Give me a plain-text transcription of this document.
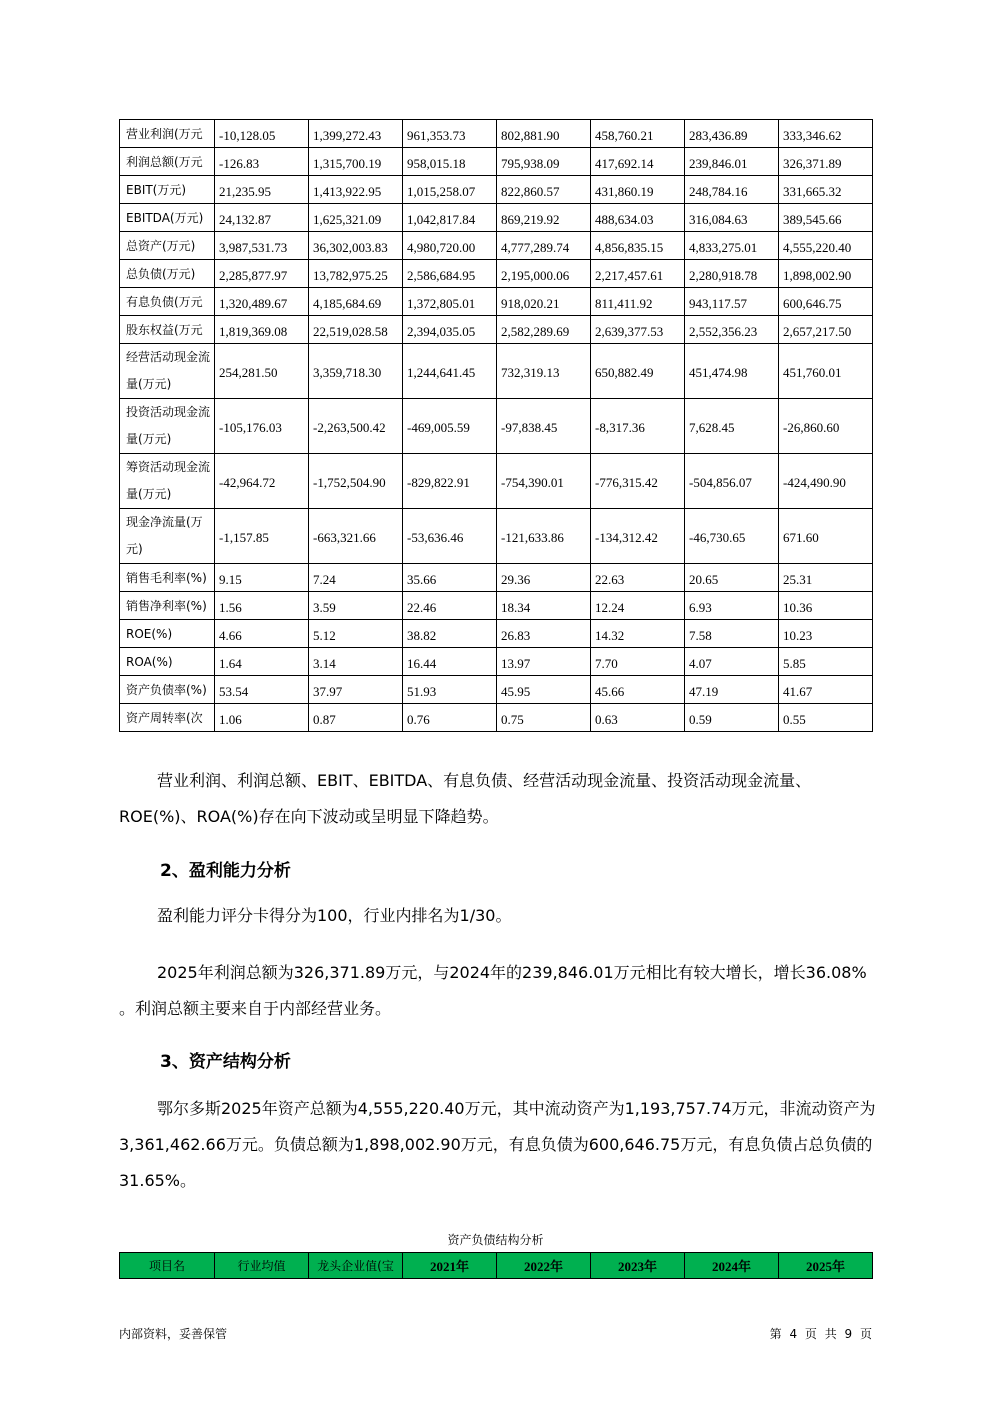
营业利润(万元	-10,128.05	1,399,272.43	961,353.73	802,881.90	458,760.21	283,436.89	333,346.62
利润总额(万元	-126.83	1,315,700.19	958,015.18	795,938.09	417,692.14	239,846.01	326,371.89
EBIT(万元)	21,235.95	1,413,922.95	1,015,258.07	822,860.57	431,860.19	248,784.16	331,665.32
EBITDA(万元)	24,132.87	1,625,321.09	1,042,817.84	869,219.92	488,634.03	316,084.63	389,545.66
总资产(万元)	3,987,531.73	36,302,003.83	4,980,720.00	4,777,289.74	4,856,835.15	4,833,275.01	4,555,220.40
总负债(万元)	2,285,877.97	13,782,975.25	2,586,684.95	2,195,000.06	2,217,457.61	2,280,918.78	1,898,002.90
有息负债(万元	1,320,489.67	4,185,684.69	1,372,805.01	918,020.21	811,411.92	943,117.57	600,646.75
股东权益(万元	1,819,369.08	22,519,028.58	2,394,035.05	2,582,289.69	2,639,377.53	2,552,356.23	2,657,217.50
经营活动现金流量(万元)	254,281.50	3,359,718.30	1,244,641.45	732,319.13	650,882.49	451,474.98	451,760.01
投资活动现金流量(万元)	-105,176.03	-2,263,500.42	-469,005.59	-97,838.45	-8,317.36	7,628.45	-26,860.60
筹资活动现金流量(万元)	-42,964.72	-1,752,504.90	-829,822.91	-754,390.01	-776,315.42	-504,856.07	-424,490.90
现金净流量(万元)	-1,157.85	-663,321.66	-53,636.46	-121,633.86	-134,312.42	-46,730.65	671.60
销售毛利率(%)	9.15	7.24	35.66	29.36	22.63	20.65	25.31
销售净利率(%)	1.56	3.59	22.46	18.34	12.24	6.93	10.36
ROE(%)	4.66	5.12	38.82	26.83	14.32	7.58	10.23
ROA(%)	1.64	3.14	16.44	13.97	7.70	4.07	5.85
资产负债率(%)	53.54	37.97	51.93	45.95	45.66	47.19	41.67
资产周转率(次	1.06	0.87	0.76	0.75	0.63	0.59	0.55

营业利润、利润总额、EBIT、EBITDA、有息负债、经营活动现金流量、投资活动现金流量、ROE(%)、ROA(%)存在向下波动或呈明显下降趋势。

2、盈利能力分析

盈利能力评分卡得分为100，行业内排名为1/30。

2025年利润总额为326,371.89万元，与2024年的239,846.01万元相比有较大增长，增长36.08%

。利润总额主要来自于内部经营业务。

3、资产结构分析

鄂尔多斯2025年资产总额为4,555,220.40万元，其中流动资产为1,193,757.74万元，非流动资产为3,361,462.66万元。负债总额为1,898,002.90万元，有息负债为600,646.75万元，有息负债占总负债的31.65%。

资产负债结构分析
项目名	行业均值	龙头企业值(宝	2021年	2022年	2023年	2024年	2025年
内部资料，妥善保管	第 4 页 共 9 页
